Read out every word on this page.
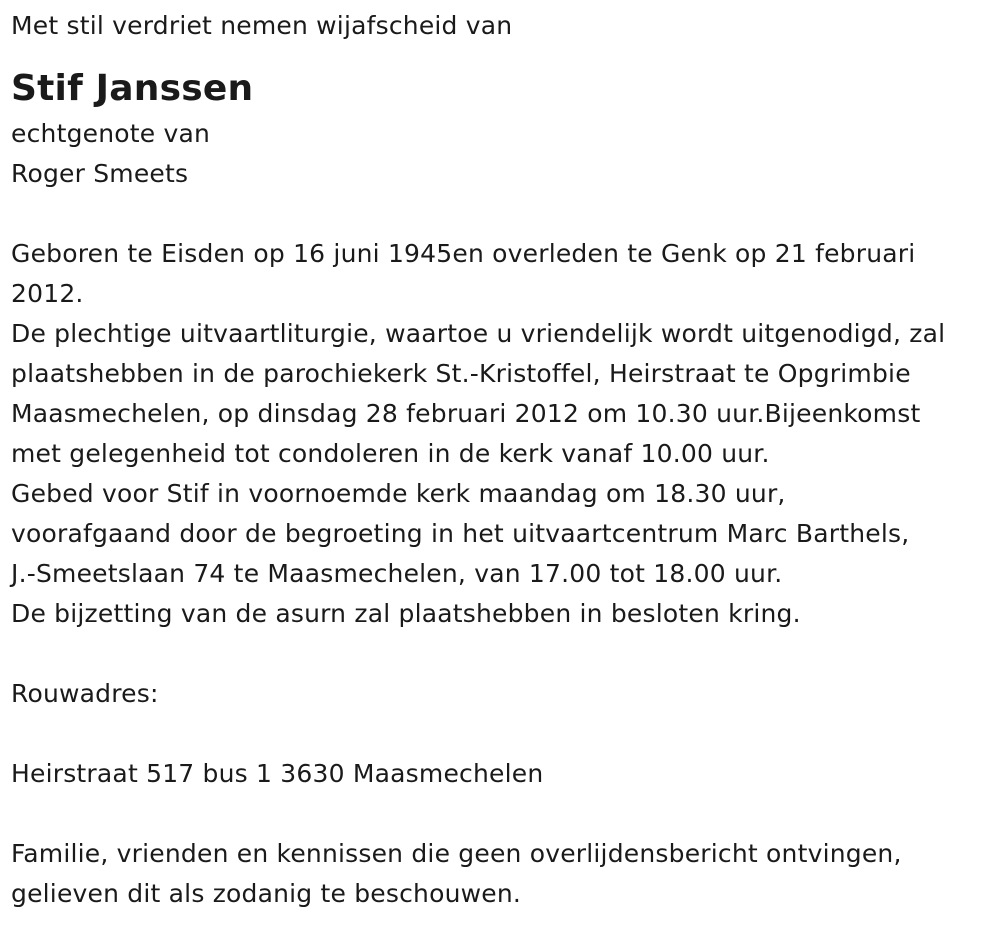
Met stil verdriet nemen wijafscheid van
Stif Janssen
echtgenote van
Roger Smeets
Geboren te Eisden op 16 juni 1945en overleden te Genk op 21 februari
2012.
De plechtige uitvaartliturgie, waartoe u vriendelijk wordt uitgenodigd, zal
plaatshebben in de parochiekerk St.-Kristoffel, Heirstraat te Opgrimbie
Maasmechelen, op dinsdag 28 februari 2012 om 10.30 uur.Bijeenkomst
met gelegenheid tot condoleren in de kerk vanaf 10.00 uur.
Gebed voor Stif in voornoemde kerk maandag om 18.30 uur,
voorafgaand door de begroeting in het uitvaartcentrum Marc Barthels,
J.-Smeetslaan 74 te Maasmechelen, van 17.00 tot 18.00 uur.
De bijzetting van de asurn zal plaatshebben in besloten kring.
Rouwadres:
Heirstraat 517 bus 1 3630 Maasmechelen
Familie, vrienden en kennissen die geen overlijdensbericht ontvingen,
gelieven dit als zodanig te beschouwen.
